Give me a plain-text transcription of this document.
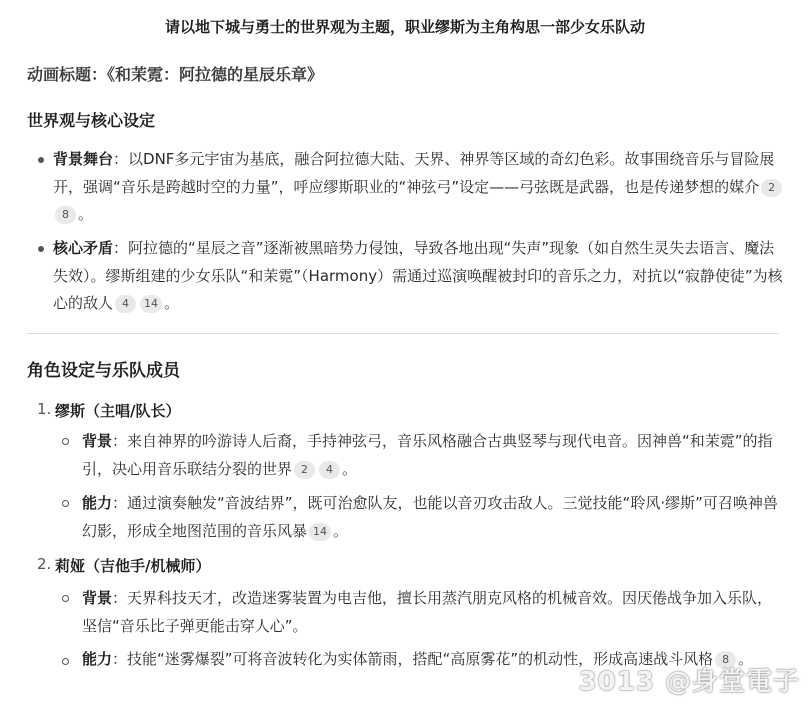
请以地下城与勇士的世界观为主题，职业缪斯为主角构思一部少女乐队动
动画标题：《和茉霓：阿拉德的星辰乐章》
世界观与核心设定
背景舞台：以DNF多元宇宙为基底，融合阿拉德大陆、天界、神界等区域的奇幻色彩。故事围绕音乐与冒险展开，强调“音乐是跨越时空的力量”，呼应缪斯职业的“神弦弓”设定——弓弦既是武器，也是传递梦想的媒介 28 。
核心矛盾：阿拉德的“星辰之音”逐渐被黑暗势力侵蚀，导致各地出现“失声”现象（如自然生灵失去语言、魔法失效）。缪斯组建的少女乐队“和茉霓”（Harmony）需通过巡演唤醒被封印的音乐之力，对抗以“寂静使徒”为核心的敌人 4 14 。
角色设定与乐队成员
1. 缪斯（主唱/队长）
背景：来自神界的吟游诗人后裔，手持神弦弓，音乐风格融合古典竖琴与现代电音。因神兽“和茉霓”的指引，决心用音乐联结分裂的世界 2 4 。
能力：通过演奏触发“音波结界”，既可治愈队友，也能以音刃攻击敌人。三觉技能“聆风·缪斯”可召唤神兽幻影，形成全地图范围的音乐风暴 14 。
2. 莉娅（吉他手/机械师）
背景：天界科技天才，改造迷雾装置为电吉他，擅长用蒸汽朋克风格的机械音效。因厌倦战争加入乐队，坚信“音乐比子弹更能击穿人心”。
能力：技能“迷雾爆裂”可将音波转化为实体箭雨，搭配“高原雾花”的机动性，形成高速战斗风格 8 。
3013 @身堂電子
